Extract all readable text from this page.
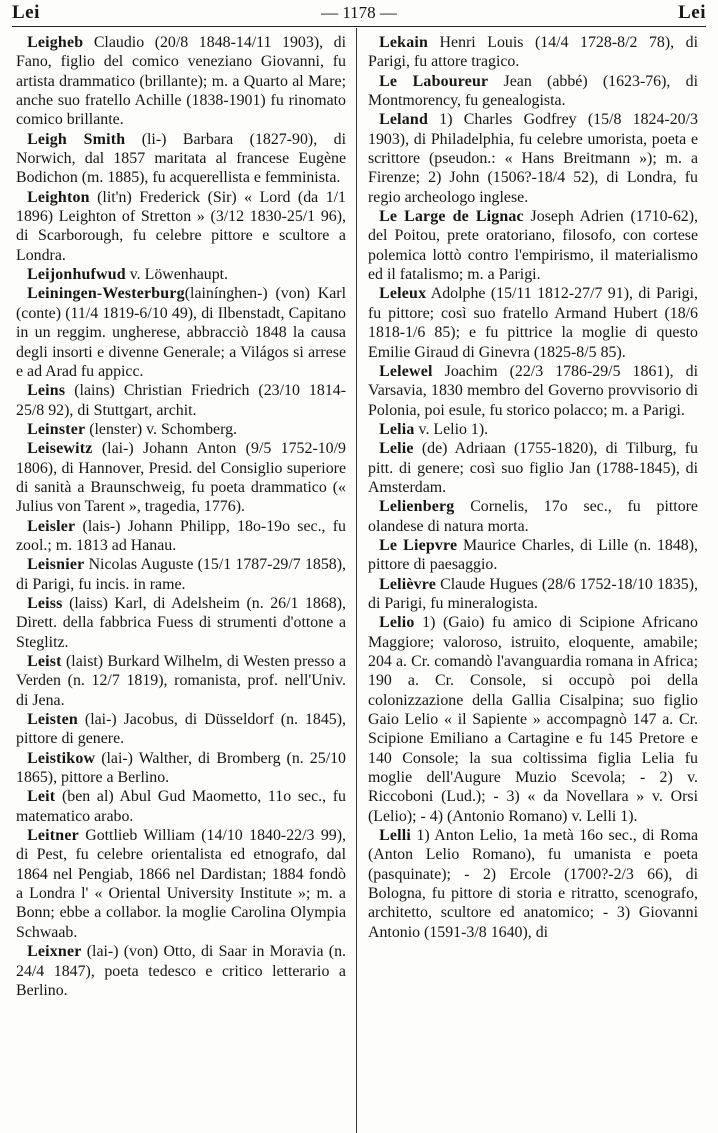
Lei	— 1178 —	Lei

Leigheb Claudio (20/8 1848-14/11 1903), di Fano, figlio del comico veneziano Giovanni, fu artista drammatico (brillante); m. a Quarto al Mare; anche suo fratello Achille (1838-1901) fu rinomato comico brillante.

Leigh Smith (li-) Barbara (1827-90), di Norwich, dal 1857 maritata al francese Eugène Bodichon (m. 1885), fu acquerellista e femminista.

Leighton (lit'n) Frederick (Sir) « Lord (da 1/1 1896) Leighton of Stretton » (3/12 1830-25/1 96), di Scarborough, fu celebre pittore e scultore a Londra.

Leijonhufwud v. Löwenhaupt.

Leiningen-Westerburg(lainínghen-) (von) Karl (conte) (11/4 1819-6/10 49), di Ilbenstadt, Capitano in un reggim. ungherese, abbracciò 1848 la causa degli insorti e divenne Generale; a Világos si arrese e ad Arad fu appicc.

Leins (lains) Christian Friedrich (23/10 1814-25/8 92), di Stuttgart, archit.

Leinster (lenster) v. Schomberg.

Leisewitz (lai-) Johann Anton (9/5 1752-10/9 1806), di Hannover, Presid. del Consiglio superiore di sanità a Braunschweig, fu poeta drammatico (« Julius von Tarent », tragedia, 1776).

Leisler (lais-) Johann Philipp, 18o-19o sec., fu zool.; m. 1813 ad Hanau.

Leisnier Nicolas Auguste (15/1 1787-29/7 1858), di Parigi, fu incis. in rame.

Leiss (laiss) Karl, di Adelsheim (n. 26/1 1868), Dirett. della fabbrica Fuess di strumenti d'ottone a Steglitz.

Leist (laist) Burkard Wilhelm, di Westen presso a Verden (n. 12/7 1819), romanista, prof. nell'Univ. di Jena.

Leisten (lai-) Jacobus, di Düsseldorf (n. 1845), pittore di genere.

Leistikow (lai-) Walther, di Bromberg (n. 25/10 1865), pittore a Berlino.

Leit (ben al) Abul Gud Maometto, 11o sec., fu matematico arabo.

Leitner Gottlieb William (14/10 1840-22/3 99), di Pest, fu celebre orientalista ed etnografo, dal 1864 nel Pengiab, 1866 nel Dardistan; 1884 fondò a Londra l' « Oriental University Institute »; m. a Bonn; ebbe a collabor. la moglie Carolina Olympia Schwaab.

Leixner (lai-) (von) Otto, di Saar in Moravia (n. 24/4 1847), poeta tedesco e critico letterario a Berlino.

Lekain Henri Louis (14/4 1728-8/2 78), di Parigi, fu attore tragico.

Le Laboureur Jean (abbé) (1623-76), di Montmorency, fu genealogista.

Leland 1) Charles Godfrey (15/8 1824-20/3 1903), di Philadelphia, fu celebre umorista, poeta e scrittore (pseudon.: « Hans Breitmann »); m. a Firenze; 2) John (1506?-18/4 52), di Londra, fu regio archeologo inglese.

Le Large de Lignac Joseph Adrien (1710-62), del Poitou, prete oratoriano, filosofo, con cortese polemica lottò contro l'empirismo, il materialismo ed il fatalismo; m. a Parigi.

Leleux Adolphe (15/11 1812-27/7 91), di Parigi, fu pittore; così suo fratello Armand Hubert (18/6 1818-1/6 85); e fu pittrice la moglie di questo Emilie Giraud di Ginevra (1825-8/5 85).

Lelewel Joachim (22/3 1786-29/5 1861), di Varsavia, 1830 membro del Governo provvisorio di Polonia, poi esule, fu storico polacco; m. a Parigi.

Lelia v. Lelio 1).

Lelie (de) Adriaan (1755-1820), di Tilburg, fu pitt. di genere; così suo figlio Jan (1788-1845), di Amsterdam.

Lelienberg Cornelis, 17o sec., fu pittore olandese di natura morta.

Le Liepvre Maurice Charles, di Lille (n. 1848), pittore di paesaggio.

Lelièvre Claude Hugues (28/6 1752-18/10 1835), di Parigi, fu mineralogista.

Lelio 1) (Gaio) fu amico di Scipione Africano Maggiore; valoroso, istruito, eloquente, amabile; 204 a. Cr. comandò l'avanguardia romana in Africa; 190 a. Cr. Console, si occupò poi della colonizzazione della Gallia Cisalpina; suo figlio Gaio Lelio « il Sapiente » accompagnò 147 a. Cr. Scipione Emiliano a Cartagine e fu 145 Pretore e 140 Console; la sua coltissima figlia Lelia fu moglie dell'Augure Muzio Scevola; - 2) v. Riccoboni (Lud.); - 3) « da Novellara » v. Orsi (Lelio); - 4) (Antonio Romano) v. Lelli 1).

Lelli 1) Anton Lelio, 1a metà 16o sec., di Roma (Anton Lelio Romano), fu umanista e poeta (pasquinate); - 2) Ercole (1700?-2/3 66), di Bologna, fu pittore di storia e ritratto, scenografo, architetto, scultore ed anatomico; - 3) Giovanni Antonio (1591-3/8 1640), di
